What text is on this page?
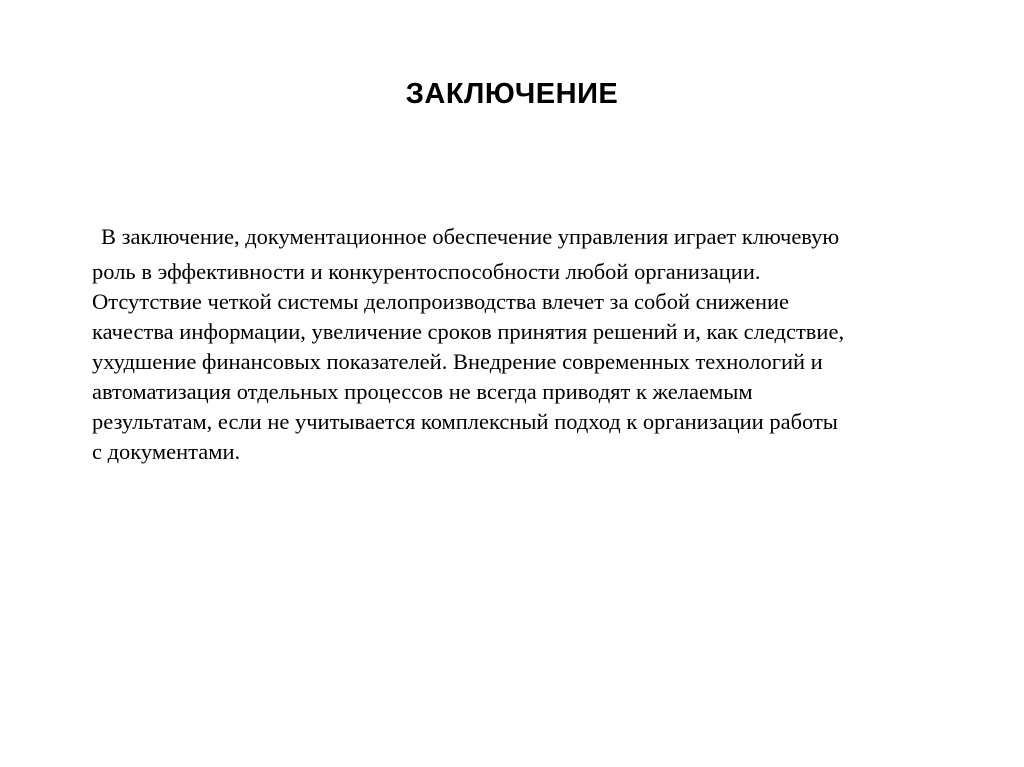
ЗАКЛЮЧЕНИЕ
В заключение, документационное обеспечение управления играет ключевую
роль в эффективности и конкурентоспособности любой организации.
Отсутствие четкой системы делопроизводства влечет за собой снижение
качества информации, увеличение сроков принятия решений и, как следствие,
ухудшение финансовых показателей. Внедрение современных технологий и
автоматизация отдельных процессов не всегда приводят к желаемым
результатам, если не учитывается комплексный подход к организации работы
с документами.
